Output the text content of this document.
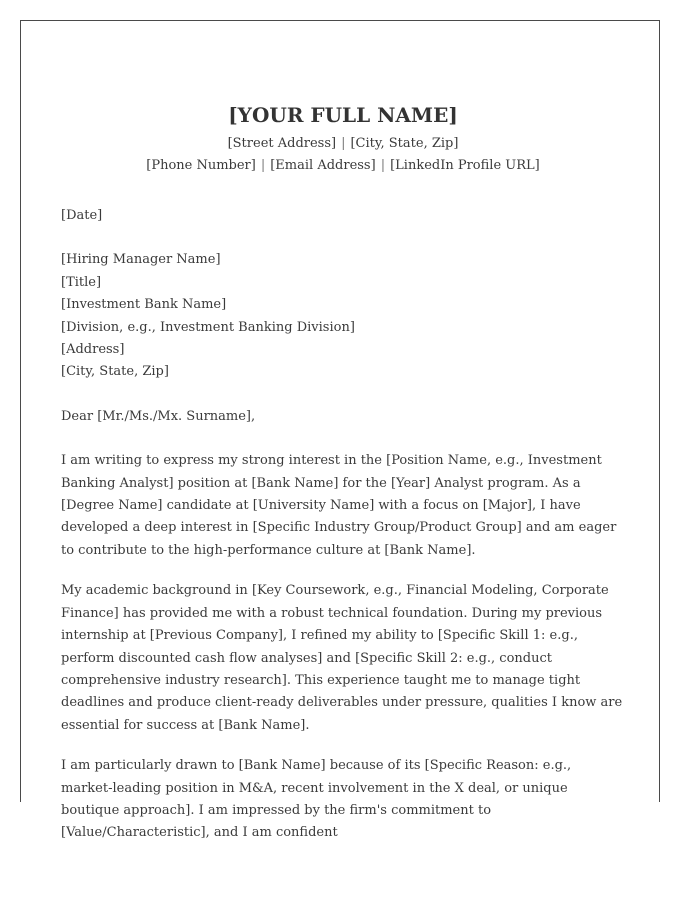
[YOUR FULL NAME]
[Street Address] | [City, State, Zip]
[Phone Number] | [Email Address] | [LinkedIn Profile URL]
[Date]
[Hiring Manager Name]
[Title]
[Investment Bank Name]
[Division, e.g., Investment Banking Division]
[Address]
[City, State, Zip]
Dear [Mr./Ms./Mx. Surname],

I am writing to express my strong interest in the [Position Name, e.g., Investment Banking Analyst] position at [Bank Name] for the [Year] Analyst program. As a [Degree Name] candidate at [University Name] with a focus on [Major], I have developed a deep interest in [Specific Industry Group/Product Group] and am eager to contribute to the high-performance culture at [Bank Name].

My academic background in [Key Coursework, e.g., Financial Modeling, Corporate Finance] has provided me with a robust technical foundation. During my previous internship at [Previous Company], I refined my ability to [Specific Skill 1: e.g., perform discounted cash flow analyses] and [Specific Skill 2: e.g., conduct comprehensive industry research]. This experience taught me to manage tight deadlines and produce client-ready deliverables under pressure, qualities I know are essential for success at [Bank Name].

I am particularly drawn to [Bank Name] because of its [Specific Reason: e.g., market-leading position in M&A, recent involvement in the X deal, or unique boutique approach]. I am impressed by the firm's commitment to [Value/Characteristic], and I am confident
